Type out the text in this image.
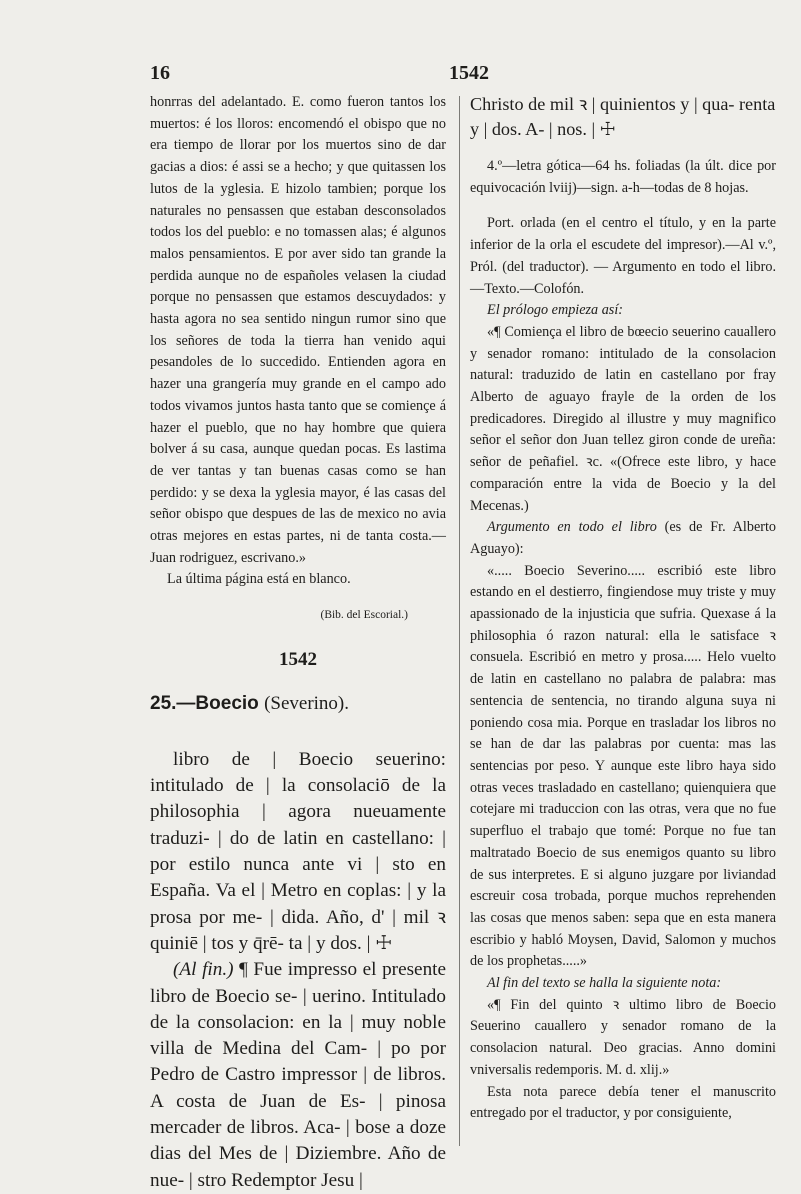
16	1542

honrras del adelantado. E. como fueron tantos los muertos: é los lloros: encomendó el obispo que no era tiempo de llorar por los muertos sino de dar gacias a dios: é assi se a hecho; y que quitassen los lutos de la yglesia. E hizolo tambien; porque los naturales no pensassen que estaban desconsolados todos los del pueblo: e no tomassen alas; é algunos malos pensamientos. E por aver sido tan grande la perdida aunque no de españoles velasen la ciudad porque no pensassen que estamos descuydados: y hasta agora no sea sentido ningun rumor sino que los señores de toda la tierra han venido aqui pesandoles de lo succedido. Entienden agora en hazer una grangería muy grande en el campo ado todos vivamos juntos hasta tanto que se comiençe á hazer el pueblo, que no hay hombre que quiera bolver á su casa, aunque quedan pocas. Es lastima de ver tantas y tan buenas casas como se han perdido: y se dexa la yglesia mayor, é las casas del señor obispo que despues de las de mexico no avia otras mejores en estas partes, ni de tanta costa.—Juan rodriguez, escrivano.»

La última página está en blanco.

(Bib. del Escorial.)

1542

25.—Boecio (Severino).

libro de | Boecio seuerino: intitulado de | la consolaciō de la philosophia | agora nueuamente traduzi- | do de latin en castellano: | por estilo nunca ante vi | sto en España. Va el | Metro en coplas: | y la prosa por me- | dida. Año, d' | mil ꝛ quiniē | tos y q̄rē- ta | y dos. | ☩

(Al fin.) ¶ Fue impresso el presente libro de Boecio se- | uerino. Intitulado de la consolacion: en la | muy noble villa de Medina del Cam- | po por Pedro de Castro impressor | de libros. A costa de Juan de Es- | pinosa mercader de libros. Aca- | bose a doze dias del Mes de | Diziembre. Año de nue- | stro Redemptor Jesu |

Christo de mil ꝛ | quinientos y | qua- renta y | dos. A- | nos. | ☩

4.º—letra gótica—64 hs. foliadas (la últ. dice por equivocación lviij)—sign. a-h—todas de 8 hojas.

Port. orlada (en el centro el título, y en la parte inferior de la orla el escudete del impresor).—Al v.º, Pról. (del traductor). — Argumento en todo el libro.—Texto.—Colofón.

El prólogo empieza así:

«¶ Comiença el libro de bœecio seuerino cauallero y senador romano: intitulado de la consolacion natural: traduzido de latin en castellano por fray Alberto de aguayo frayle de la orden de los predicadores. Diregido al illustre y muy magnifico señor el señor don Juan tellez giron conde de ureña: señor de peñafiel. ꝛc. «(Ofrece este libro, y hace comparación entre la vida de Boecio y la del Mecenas.)

Argumento en todo el libro (es de Fr. Alberto Aguayo):

«..... Boecio Severino..... escribió este libro estando en el destierro, fingiendose muy triste y muy apassionado de la injusticia que sufria. Quexase á la philosophia ó razon natural: ella le satisface ꝛ consuela. Escribió en metro y prosa..... Helo vuelto de latin en castellano no palabra de palabra: mas sentencia de sentencia, no tirando alguna suya ni poniendo cosa mia. Porque en trasladar los libros no se han de dar las palabras por cuenta: mas las sentencias por peso. Y aunque este libro haya sido otras veces trasladado en castellano; quienquiera que cotejare mi traduccion con las otras, vera que no fue superfluo el trabajo que tomé: Porque no fue tan maltratado Boecio de sus enemigos quanto su libro de sus interpretes. E si alguno juzgare por liviandad escreuir cosa trobada, porque muchos reprehenden las cosas que menos saben: sepa que en esta manera escribio y habló Moysen, David, Salomon y muchos de los prophetas.....»

Al fin del texto se halla la siguiente nota:

«¶ Fin del quinto ꝛ ultimo libro de Boecio Seuerino cauallero y senador romano de la consolacion natural. Deo gracias. Anno domini vniversalis redemporis. M. d. xlij.»

Esta nota parece debía tener el manuscrito entregado por el traductor, y por consiguiente,
